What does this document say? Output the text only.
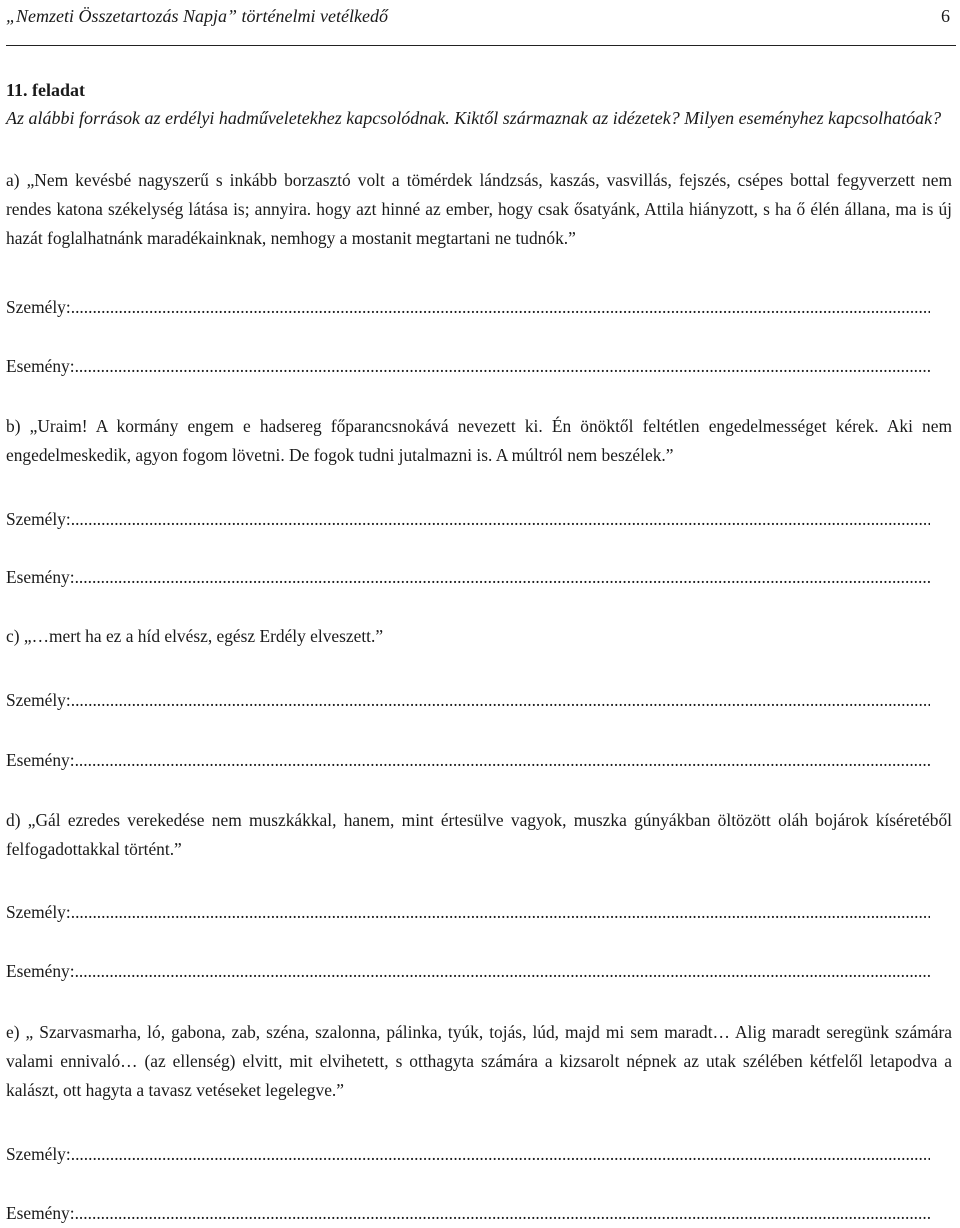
„Nemzeti Összetartozás Napja” történelmi vetélkedő	6
11. feladat
Az alábbi források az erdélyi hadműveletekhez kapcsolódnak. Kiktől származnak az idézetek? Milyen eseményhez kapcsolhatóak?
a) „Nem kevésbé nagyszerű s inkább borzasztó volt a tömérdek lándzsás, kaszás, vasvillás, fejszés, csépes bottal fegyverzett nem rendes katona székelység látása is; annyira. hogy azt hinné az ember, hogy csak ősatyánk, Attila hiányzott, s ha ő élén állana, ma is új hazát foglalhatnánk maradékainknak, nemhogy a mostanit megtartani ne tudnók.”
Személy: .....
Esemény: .....
b) „Uraim! A kormány engem e hadsereg főparancsnokává nevezett ki. Én önöktől feltétlen engedelmességet kérek. Aki nem engedelmeskedik, agyon fogom lövetni. De fogok tudni jutalmazni is. A múltról nem beszélek.”
Személy: .....
Esemény: .....
c) „…mert ha ez a híd elvész, egész Erdély elveszett.”
Személy: .....
Esemény: .....
d) „Gál ezredes verekedése nem muszkákkal, hanem, mint értesülve vagyok, muszka gúnyákban öltözött oláh bojárok kíséretéből felfogadottakkal történt.”
Személy: .....
Esemény: .....
e) „ Szarvasmarha, ló, gabona, zab, széna, szalonna, pálinka, tyúk, tojás, lúd, majd mi sem maradt… Alig maradt seregünk számára valami ennivaló… (az ellenség) elvitt, mit elvihetett, s otthagyta számára a kizsarolt népnek az utak szélében kétfelől letapodva a kalászt, ott hagyta a tavasz vetéseket legelegve.”
Személy: .....
Esemény: .....
